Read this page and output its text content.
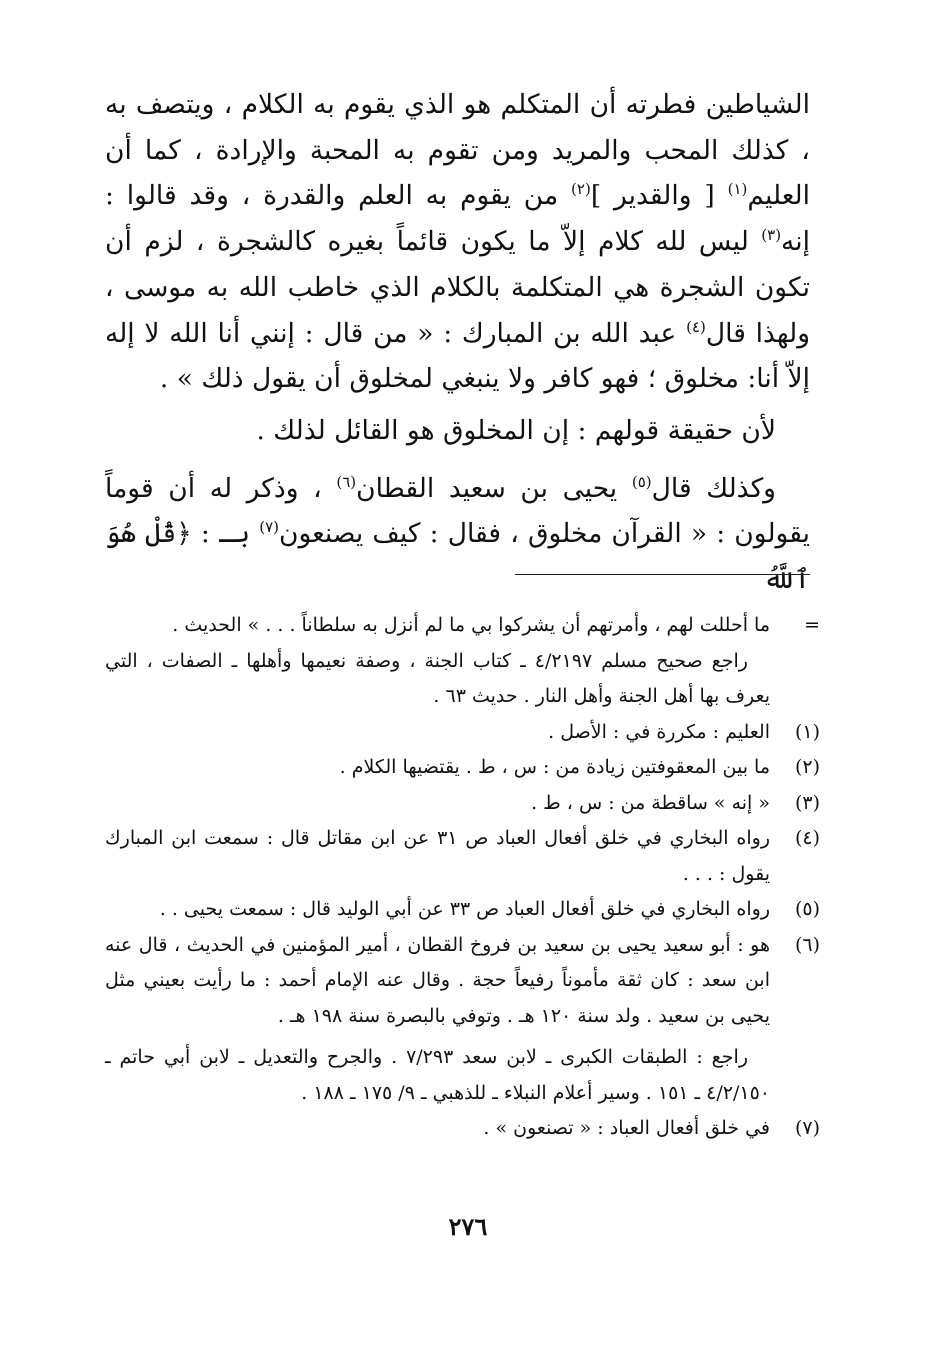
الشياطين فطرته أن المتكلم هو الذي يقوم به الكلام ، ويتصف به ، كذلك المحب والمريد ومن تقوم به المحبة والإرادة ، كما أن العليم$^{(١)}$ [ والقدير ]$^{(٢)}$ من يقوم به العلم والقدرة ، وقد قالوا : إنه$^{(٣)}$ ليس لله كلام إلاّ ما يكون قائماً بغيره كالشجرة ، لزم أن تكون الشجرة هي المتكلمة بالكلام الذي خاطب الله به موسى ، ولهذا قال$^{(٤)}$ عبد الله بن المبارك : « من قال : إنني أنا الله لا إله إلاّ أنا: مخلوق ؛ فهو كافر ولا ينبغي لمخلوق أن يقول ذلك » .

لأن حقيقة قولهم : إن المخلوق هو القائل لذلك .

وكذلك قال$^{(٥)}$ يحيى بن سعيد القطان$^{(٦)}$ ، وذكر له أن قوماً يقولون : « القرآن مخلوق ، فقال : كيف يصنعون$^{(٧)}$ بـ : ﴿قُلْ هُوَ ٱللَّهُ

=
ما أحللت لهم ، وأمرتهم أن يشركوا بي ما لم أنزل به سلطاناً . . . » الحديث .
راجع صحيح مسلم ٤/٢١٩٧ ـ كتاب الجنة ، وصفة نعيمها وأهلها ـ الصفات ، التي يعرف بها أهل الجنة وأهل النار . حديث ٦٣ .
(١)
العليم : مكررة في : الأصل .
(٢)
ما بين المعقوفتين زيادة من : س ، ط . يقتضيها الكلام .
(٣)
« إنه » ساقطة من : س ، ط .
(٤)
رواه البخاري في خلق أفعال العباد ص ٣١ عن ابن مقاتل قال : سمعت ابن المبارك يقول : . . .
(٥)
رواه البخاري في خلق أفعال العباد ص ٣٣ عن أبي الوليد قال : سمعت يحيى . .
(٦)
هو : أبو سعيد يحيى بن سعيد بن فروخ القطان ، أمير المؤمنين في الحديث ، قال عنه ابن سعد : كان ثقة مأموناً رفيعاً حجة . وقال عنه الإمام أحمد : ما رأيت بعيني مثل يحيى بن سعيد . ولد سنة ١٢٠ هـ . وتوفي بالبصرة سنة ١٩٨ هـ .
راجع : الطبقات الكبرى ـ لابن سعد ٧/٢٩٣ . والجرح والتعديل ـ لابن أبي حاتم ـ ٤/٢/١٥٠ ـ ١٥١ . وسير أعلام النبلاء ـ للذهبي ـ ٩/ ١٧٥ ـ ١٨٨ .
(٧)
في خلق أفعال العباد : « تصنعون » .
٢٧٦
